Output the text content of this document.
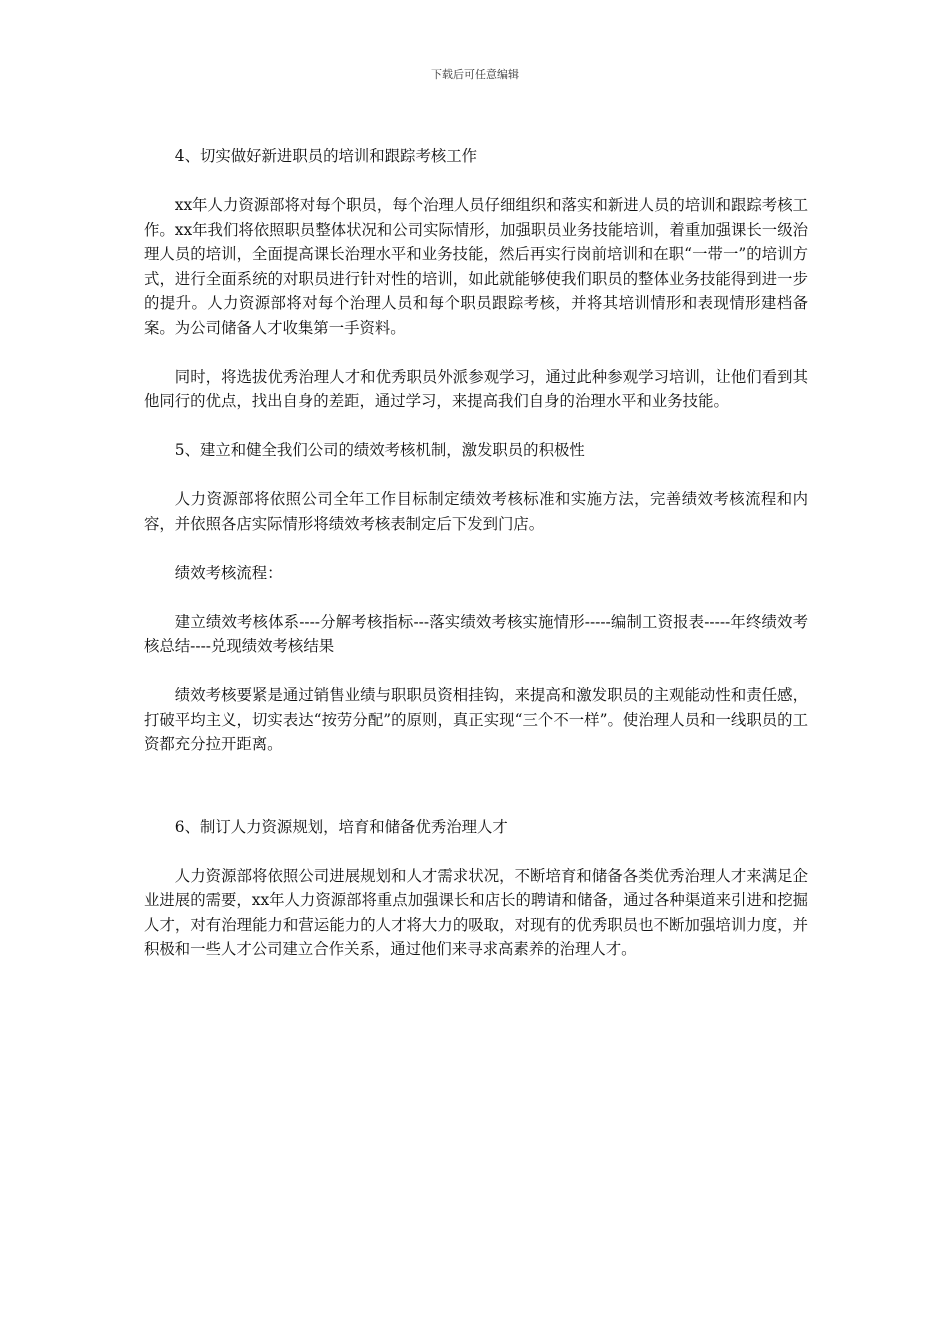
下载后可任意编辑

4、切实做好新进职员的培训和跟踪考核工作

xx年人力资源部将对每个职员，每个治理人员仔细组织和落实和新进人员的培训和跟踪考核工作。xx年我们将依照职员整体状况和公司实际情形，加强职员业务技能培训，着重加强课长一级治理人员的培训，全面提高课长治理水平和业务技能，然后再实行岗前培训和在职“一带一”的培训方式，进行全面系统的对职员进行针对性的培训，如此就能够使我们职员的整体业务技能得到进一步的提升。人力资源部将对每个治理人员和每个职员跟踪考核，并将其培训情形和表现情形建档备案。为公司储备人才收集第一手资料。

同时，将选拔优秀治理人才和优秀职员外派参观学习，通过此种参观学习培训，让他们看到其他同行的优点，找出自身的差距，通过学习，来提高我们自身的治理水平和业务技能。

5、建立和健全我们公司的绩效考核机制，激发职员的积极性

人力资源部将依照公司全年工作目标制定绩效考核标准和实施方法，完善绩效考核流程和内容，并依照各店实际情形将绩效考核表制定后下发到门店。

绩效考核流程：

建立绩效考核体系----分解考核指标---落实绩效考核实施情形-----编制工资报表-----年终绩效考核总结----兑现绩效考核结果

绩效考核要紧是通过销售业绩与职职员资相挂钩，来提高和激发职员的主观能动性和责任感，打破平均主义，切实表达“按劳分配”的原则，真正实现“三个不一样”。使治理人员和一线职员的工资都充分拉开距离。

6、制订人力资源规划，培育和储备优秀治理人才

人力资源部将依照公司进展规划和人才需求状况，不断培育和储备各类优秀治理人才来满足企业进展的需要，xx年人力资源部将重点加强课长和店长的聘请和储备，通过各种渠道来引进和挖掘人才，对有治理能力和营运能力的人才将大力的吸取，对现有的优秀职员也不断加强培训力度，并积极和一些人才公司建立合作关系，通过他们来寻求高素养的治理人才。
